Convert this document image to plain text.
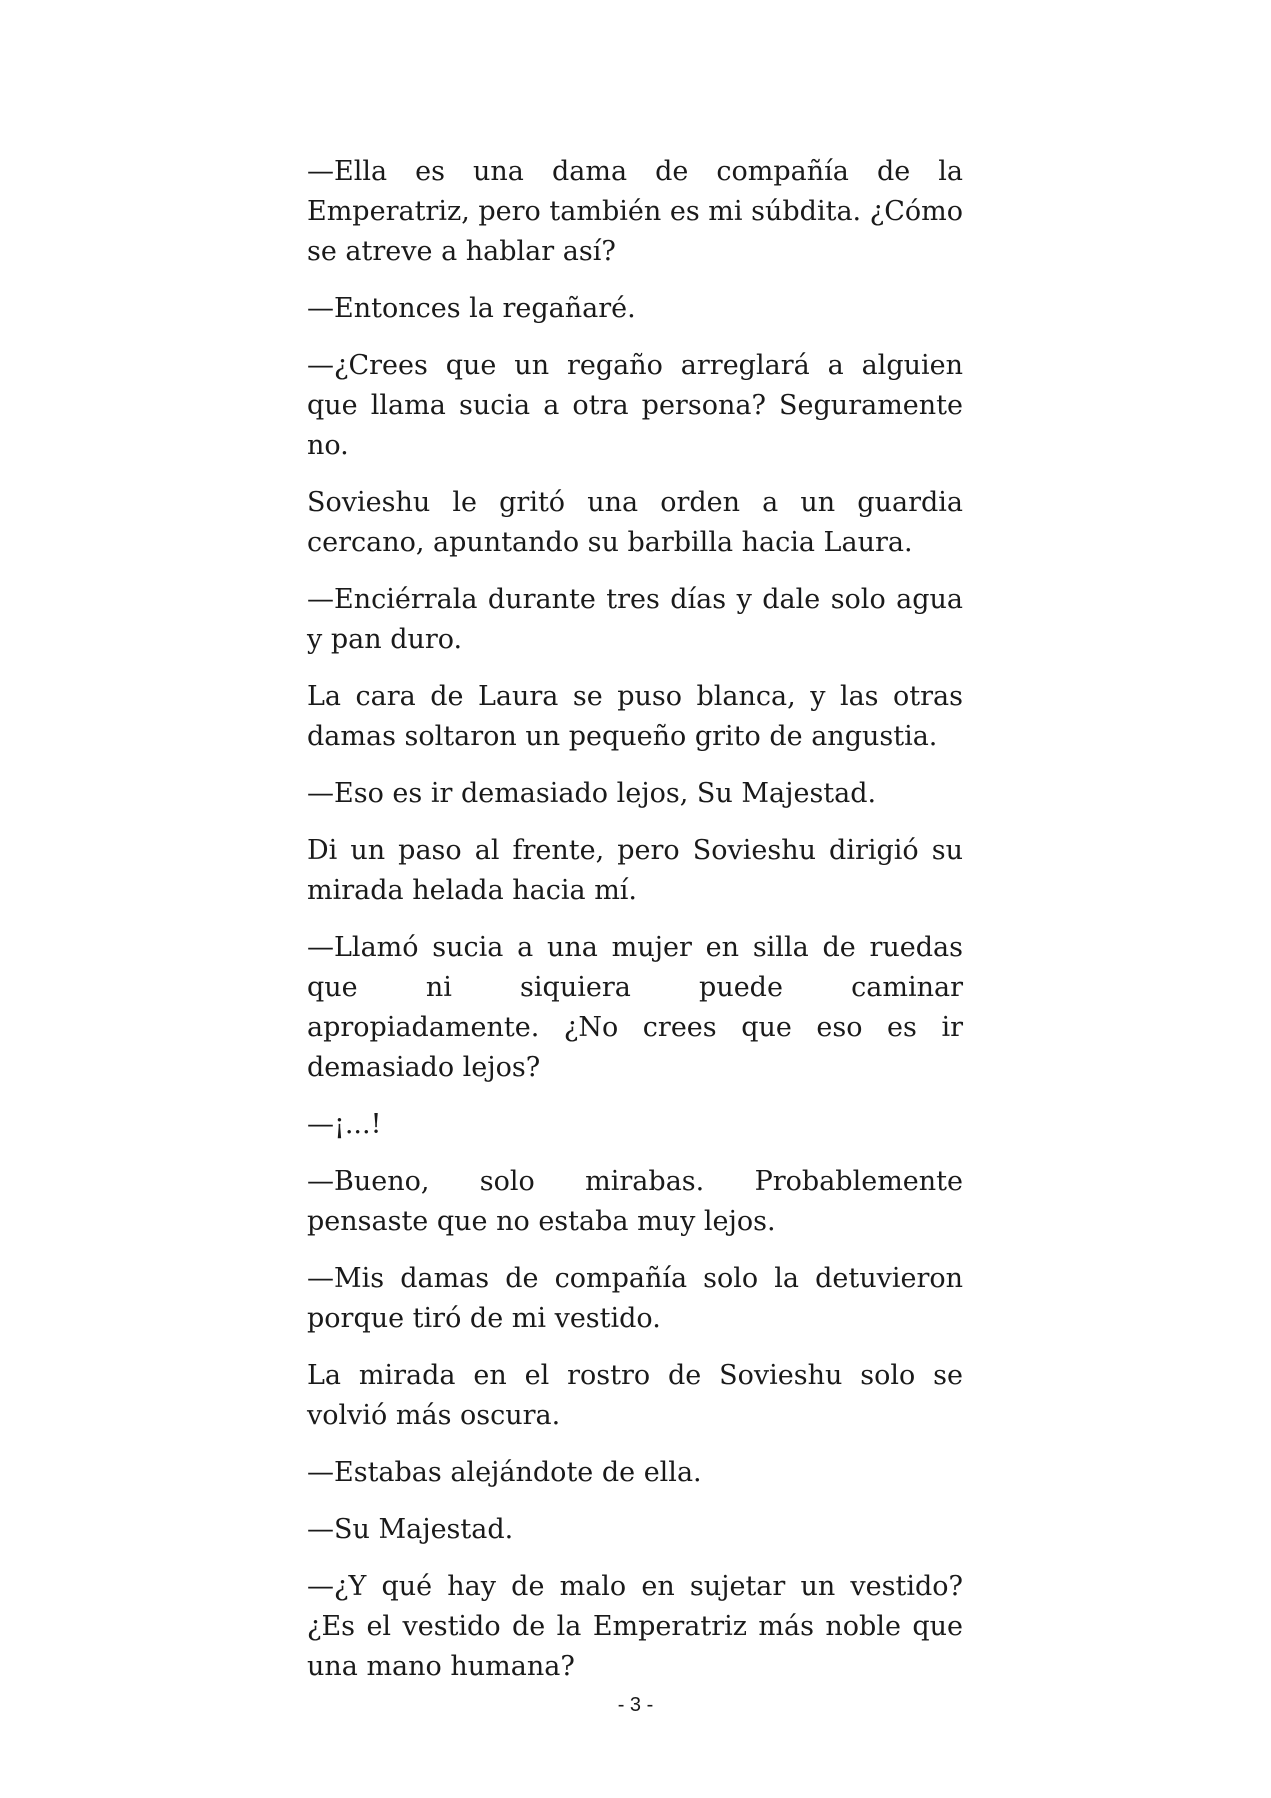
—Ella es una dama de compañía de la Emperatriz, pero también es mi súbdita. ¿Cómo se atreve a hablar así?

—Entonces la regañaré.

—¿Crees que un regaño arreglará a alguien que llama sucia a otra persona? Seguramente no.

Sovieshu le gritó una orden a un guardia cercano, apuntando su barbilla hacia Laura.

—Enciérrala durante tres días y dale solo agua y pan duro.

La cara de Laura se puso blanca, y las otras damas soltaron un pequeño grito de angustia.

—Eso es ir demasiado lejos, Su Majestad.

Di un paso al frente, pero Sovieshu dirigió su mirada helada hacia mí.

—Llamó sucia a una mujer en silla de ruedas que ni siquiera puede caminar apropiadamente. ¿No crees que eso es ir demasiado lejos?

—¡...!

—Bueno, solo mirabas. Probablemente pensaste que no estaba muy lejos.

—Mis damas de compañía solo la detuvieron porque tiró de mi vestido.

La mirada en el rostro de Sovieshu solo se volvió más oscura.

—Estabas alejándote de ella.

—Su Majestad.

—¿Y qué hay de malo en sujetar un vestido? ¿Es el vestido de la Emperatriz más noble que una mano humana?

- 3 -
